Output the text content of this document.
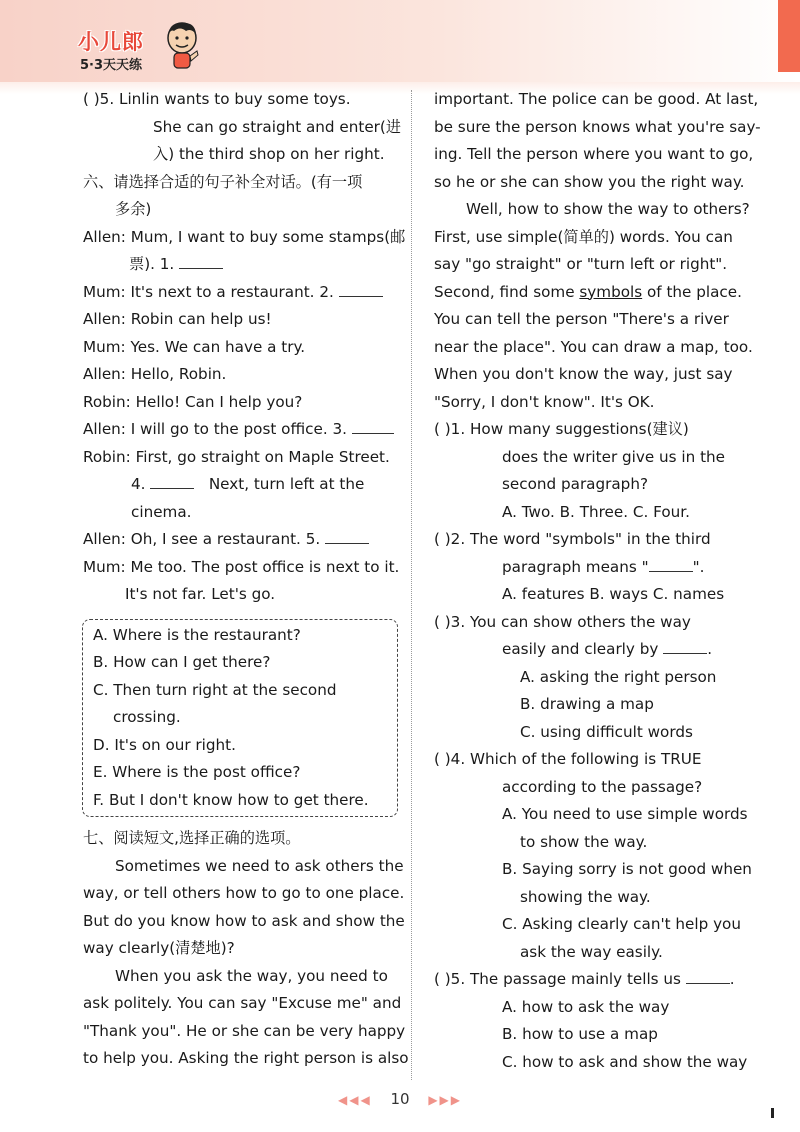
小儿郎
5·3天天练
( )5. Linlin wants to buy some toys.
She can go straight and enter(进
入) the third shop on her right.
六、请选择合适的句子补全对话。(有一项
多余)
Allen: Mum, I want to buy some stamps(邮
票). 1.
Mum: It's next to a restaurant. 2.
Allen: Robin can help us!
Mum: Yes. We can have a try.
Allen: Hello, Robin.
Robin: Hello! Can I help you?
Allen: I will go to the post office. 3.
Robin: First, go straight on Maple Street.
4.	Next, turn left at the
cinema.
Allen: Oh, I see a restaurant. 5.
Mum: Me too. The post office is next to it.
It's not far. Let's go.
A. Where is the restaurant?
B. How can I get there?
C. Then turn right at the second
crossing.
D. It's on our right.
E. Where is the post office?
F. But I don't know how to get there.
七、阅读短文,选择正确的选项。
Sometimes we need to ask others the
way, or tell others how to go to one place.
But do you know how to ask and show the
way clearly(清楚地)?
When you ask the way, you need to
ask politely. You can say "Excuse me" and
"Thank you". He or she can be very happy
to help you. Asking the right person is also
important. The police can be good. At last,
be sure the person knows what you're say-
ing. Tell the person where you want to go,
so he or she can show you the right way.
Well, how to show the way to others?
First, use simple(简单的) words. You can
say "go straight" or "turn left or right".
Second, find some symbols of the place.
You can tell the person "There's a river
near the place". You can draw a map, too.
When you don't know the way, just say
"Sorry, I don't know". It's OK.
( )1. How many suggestions(建议)
does the writer give us in the
second paragraph?
A. Two. B. Three. C. Four.
( )2. The word "symbols" in the third
paragraph means "	".
A. features B. ways C. names
( )3. You can show others the way
easily and clearly by	.
A. asking the right person
B. drawing a map
C. using difficult words
( )4. Which of the following is TRUE
according to the passage?
A. You need to use simple words
to show the way.
B. Saying sorry is not good when
showing the way.
C. Asking clearly can't help you
ask the way easily.
( )5. The passage mainly tells us	.
A. how to ask the way
B. how to use a map
C. how to ask and show the way
◀◀◀ 10 ▶▶▶
